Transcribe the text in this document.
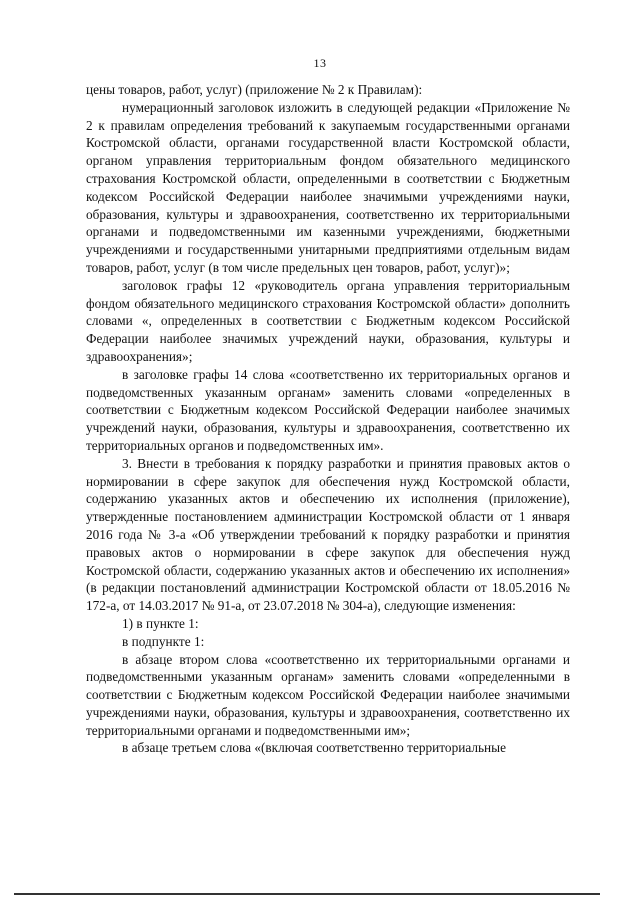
13

цены товаров, работ, услуг) (приложение № 2 к Правилам):

нумерационный заголовок изложить в следующей редакции «Приложение № 2 к правилам определения требований к закупаемым государственными органами Костромской области, органами государственной власти Костромской области, органом управления территориальным фондом обязательного медицинского страхования Костромской области, определенными в соответствии с Бюджетным кодексом Российской Федерации наиболее значимыми учреждениями науки, образования, культуры и здравоохранения, соответственно их территориальными органами и подведомственными им казенными учреждениями, бюджетными учреждениями и государственными унитарными предприятиями отдельным видам товаров, работ, услуг (в том числе предельных цен товаров, работ, услуг)»;

заголовок графы 12 «руководитель органа управления территориальным фондом обязательного медицинского страхования Костромской области» дополнить словами «, определенных в соответствии с Бюджетным кодексом Российской Федерации наиболее значимых учреждений науки, образования, культуры и здравоохранения»;

в заголовке графы 14 слова «соответственно их территориальных органов и подведомственных указанным органам» заменить словами «определенных в соответствии с Бюджетным кодексом Российской Федерации наиболее значимых учреждений науки, образования, культуры и здравоохранения, соответственно их территориальных органов и подведомственных им».

3. Внести в требования к порядку разработки и принятия правовых актов о нормировании в сфере закупок для обеспечения нужд Костромской области, содержанию указанных актов и обеспечению их исполнения (приложение), утвержденные постановлением администрации Костромской области от 1 января 2016 года № 3-а «Об утверждении требований к порядку разработки и принятия правовых актов о нормировании в сфере закупок для обеспечения нужд Костромской области, содержанию указанных актов и обеспечению их исполнения» (в редакции постановлений администрации Костромской области от 18.05.2016 № 172-а, от 14.03.2017 № 91-а, от 23.07.2018 № 304-а), следующие изменения:

1) в пункте 1:

в подпункте 1:

в абзаце втором слова «соответственно их территориальными органами и подведомственными указанным органам» заменить словами «определенными в соответствии с Бюджетным кодексом Российской Федерации наиболее значимыми учреждениями науки, образования, культуры и здравоохранения, соответственно их территориальными органами и подведомственными им»;

в абзаце третьем слова «(включая соответственно территориальные
